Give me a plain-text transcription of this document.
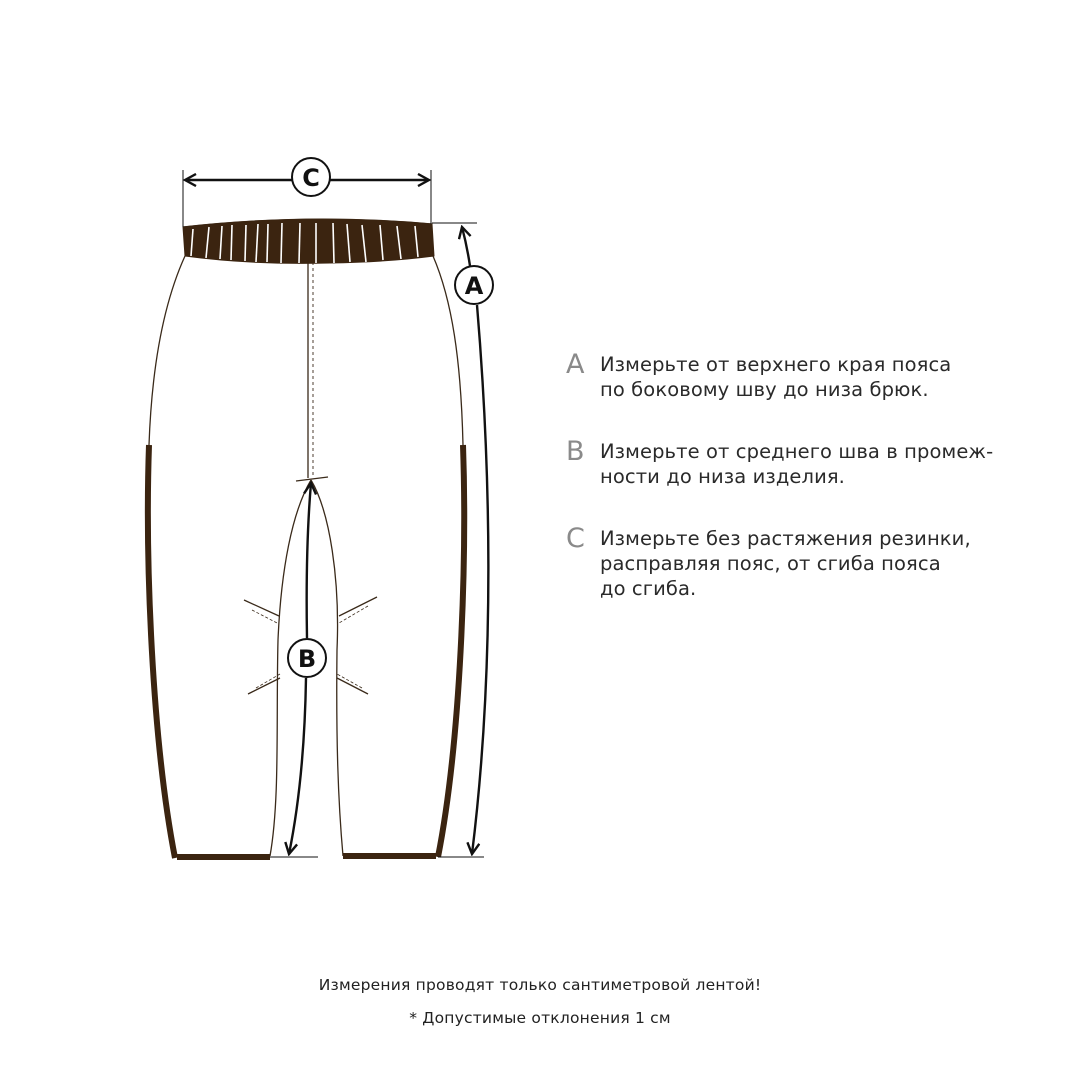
C
A
B
A Измерьте от верхнего края пояса
по боковому шву до низа брюк.
B Измерьте от среднего шва в промеж-
ности до низа изделия.
C Измерьте без растяжения резинки,
расправляя пояс, от сгиба пояса
до сгиба.
Измерения проводят только сантиметровой лентой!
* Допустимые отклонения 1 см
